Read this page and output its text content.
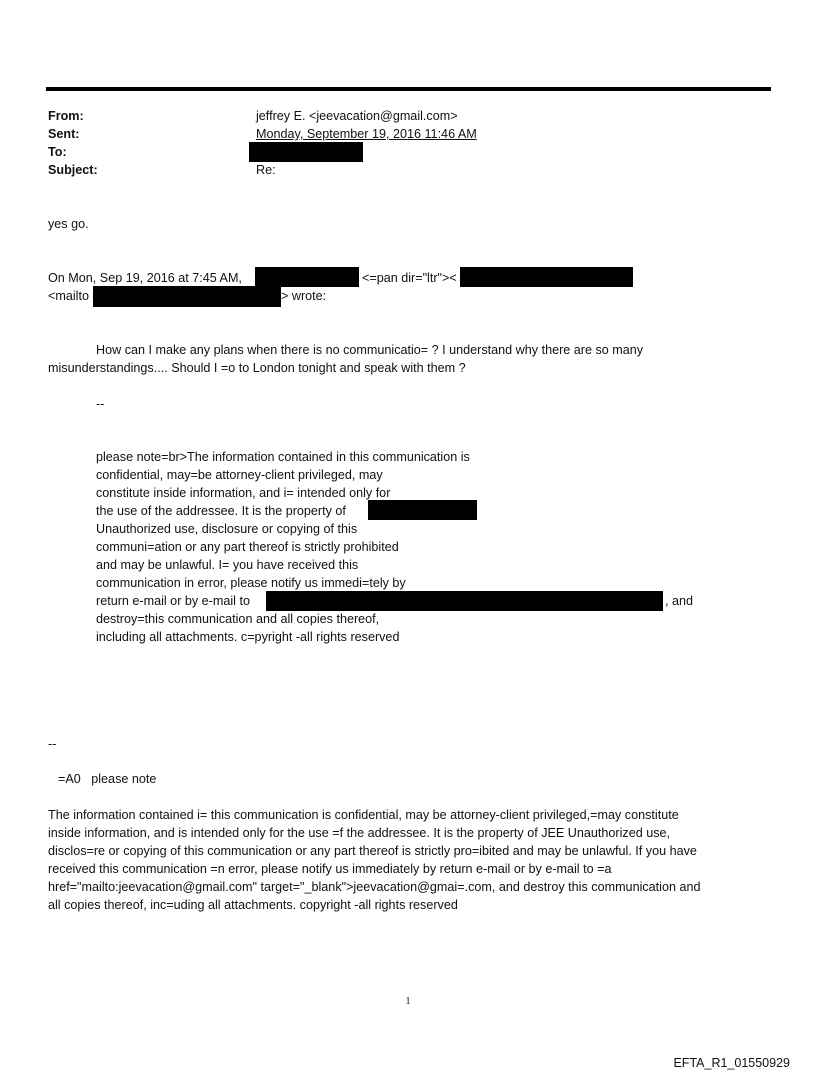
From:	jeffrey E. <jeevacation@gmail.com>
Sent:	Monday, September 19, 2016 11:46 AM
To:
Subject:	Re:
yes go.
On Mon, Sep 19, 2016 at 7:45 AM,	<=pan dir="ltr"><
<mailto	> wrote:
How can I make any plans when there is no communicatio= ? I understand why there are so many
misunderstandings.... Should I =o to London tonight and speak with them ?
--
please note=br>The information contained in this communication is
confidential, may=be attorney-client privileged, may
constitute inside information, and i= intended only for
the use of the addressee. It is the property of
Unauthorized use, disclosure or copying of this
communi=ation or any part thereof is strictly prohibited
and may be unlawful. I= you have received this
communication in error, please notify us immedi=tely by
return e-mail or by e-mail to	, and
destroy=this communication and all copies thereof,
including all attachments. c=pyright -all rights reserved
--
=A0   please note
The information contained i= this communication is confidential, may be attorney-client privileged,=may constitute
inside information, and is intended only for the use =f the addressee. It is the property of JEE Unauthorized use,
disclos=re or copying of this communication or any part thereof is strictly pro=ibited and may be unlawful. If you have
received this communication =n error, please notify us immediately by return e-mail or by e-mail to =a
href="mailto:jeevacation@gmail.com" target="_blank">jeevacation@gmai=.com, and destroy this communication and
all copies thereof, inc=uding all attachments. copyright -all rights reserved
1
EFTA_R1_01550929
